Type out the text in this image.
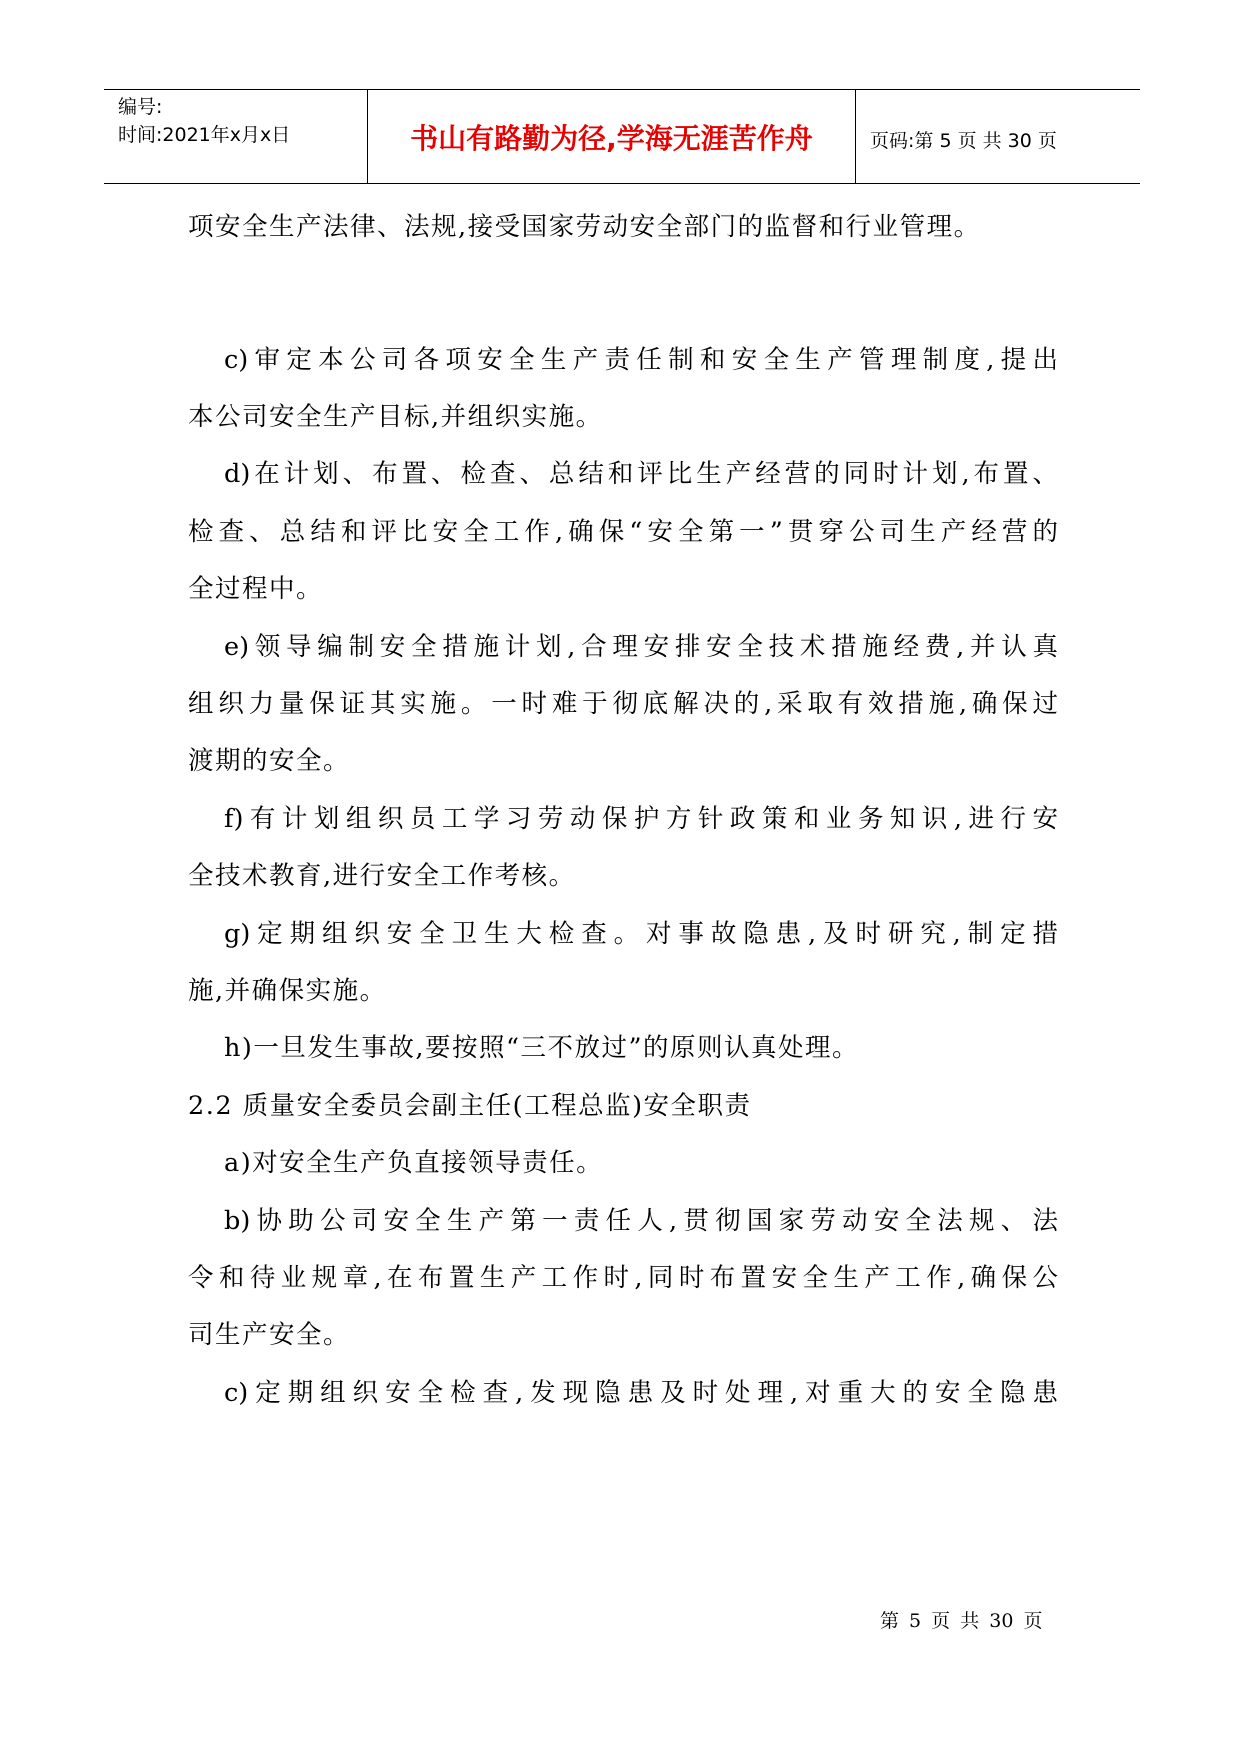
编号:
时间:2021年x月x日	书山有路勤为径,学海无涯苦作舟	页码:第 5 页 共 30 页
项安全生产法律、法规,接受国家劳动安全部门的监督和行业管理。
c)审定本公司各项安全生产责任制和安全生产管理制度,提出
本公司安全生产目标,并组织实施。
d)在计划、布置、检查、总结和评比生产经营的同时计划,布置、
检查、总结和评比安全工作,确保“安全第一”贯穿公司生产经营的
全过程中。
e)领导编制安全措施计划,合理安排安全技术措施经费,并认真
组织力量保证其实施。一时难于彻底解决的,采取有效措施,确保过
渡期的安全。
f)有计划组织员工学习劳动保护方针政策和业务知识,进行安
全技术教育,进行安全工作考核。
g)定期组织安全卫生大检查。对事故隐患,及时研究,制定措
施,并确保实施。
h)一旦发生事故,要按照“三不放过”的原则认真处理。
2.2 质量安全委员会副主任(工程总监)安全职责
a)对安全生产负直接领导责任。
b)协助公司安全生产第一责任人,贯彻国家劳动安全法规、法
令和待业规章,在布置生产工作时,同时布置安全生产工作,确保公
司生产安全。
c)定期组织安全检查,发现隐患及时处理,对重大的安全隐患
第 5 页 共 30 页
